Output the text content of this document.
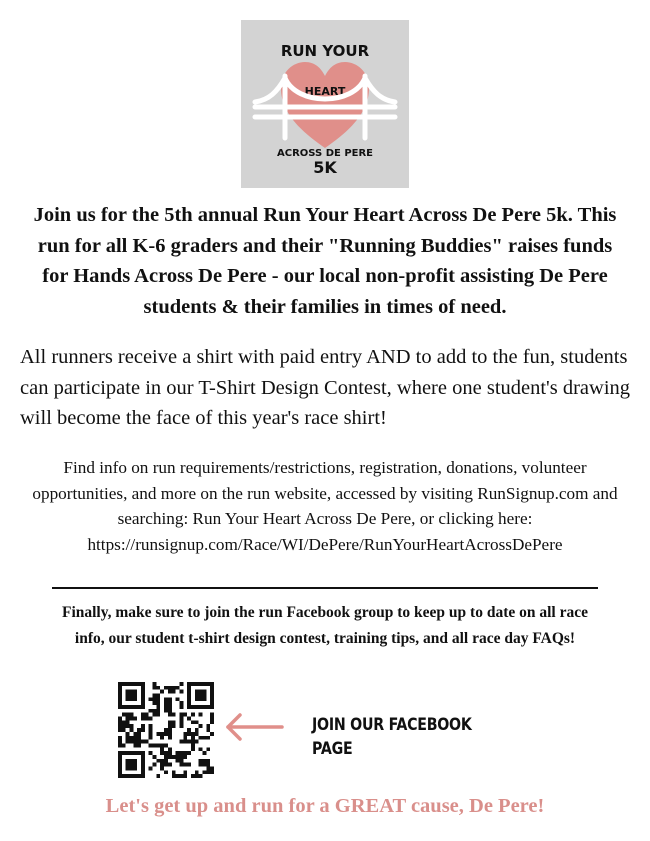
RUN YOUR
HEART
ACROSS DE PERE
5K

Join us for the 5th annual Run Your Heart Across De Pere 5k. This run for all K-6 graders and their "Running Buddies" raises funds for Hands Across De Pere - our local non-profit assisting De Pere students & their families in times of need.

All runners receive a shirt with paid entry AND to add to the fun, students can participate in our T-Shirt Design Contest, where one student's drawing will become the face of this year's race shirt!

Find info on run requirements/restrictions, registration, donations, volunteer opportunities, and more on the run website, accessed by visiting RunSignup.com and searching: Run Your Heart Across De Pere, or clicking here:
https://runsignup.com/Race/WI/DePere/RunYourHeartAcrossDePere

Finally, make sure to join the run Facebook group to keep up to date on all race info, our student t-shirt design contest, training tips, and all race day FAQs!

JOIN OUR FACEBOOK PAGE

Let's get up and run for a GREAT cause, De Pere!
